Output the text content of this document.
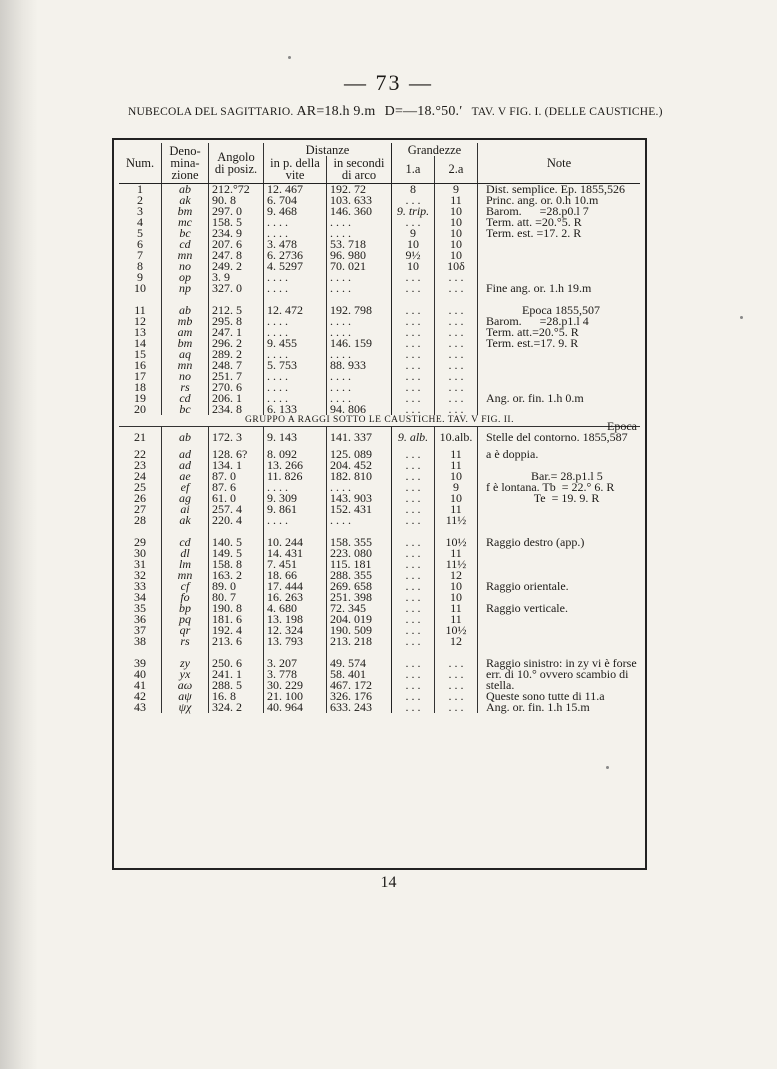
— 73 —
NUBECOLA DEL SAGITTARIO. AR=18.h 9.m D=—18.°50.′ TAV. V FIG. I. (DELLE CAUSTICHE.)
Num.	Deno-mina-zione	Angolo di posiz.	Distanze		Grandezze		Note
			in p. della vite	in secondi di arco	1.a	2.a	
1	ab	212.°72	12. 467	192. 72	8	9	Dist. semplice. Ep. 1855,526
2	ak	90. 8	6. 704	103. 633	. . .	11	Princ. ang. or. 0.h 10.m
3	bm	297. 0	9. 468	146. 360	9. trip.	10	Barom.      =28.p0.l 7
4	mc	158. 5	. . . .	. . . .	. . .	10	Term. att. =20.°5. R
5	bc	234. 9	. . . .	. . . .	9	10	Term. est. =17. 2. R
6	cd	207. 6	3. 478	53. 718	10	10	
7	mn	247. 8	6. 2736	96. 980	9½	10	
8	no	249. 2	4. 5297	70. 021	10	10δ	
9	op	3. 9	. . . .	. . . .	. . .	. . .	
10	np	327. 0	. . . .	. . . .	. . .	. . .	Fine ang. or. 1.h 19.m

11	ab	212. 5	12. 472	192. 798	. . .	. . .	Epoca 1855,507
12	mb	295. 8	. . . .	. . . .	. . .	. . .	Barom.      =28.p1.l 4
13	am	247. 1	. . . .	. . . .	. . .	. . .	Term. att.=20.°5. R
14	bm	296. 2	9. 455	146. 159	. . .	. . .	Term. est.=17. 9. R
15	aq	289. 2	. . . .	. . . .	. . .	. . .	
16	mn	248. 7	5. 753	88. 933	. . .	. . .	
17	no	251. 7	. . . .	. . . .	. . .	. . .	
18	rs	270. 6	. . . .	. . . .	. . .	. . .	
19	cd	206. 1	. . . .	. . . .	. . .	. . .	Ang. or. fin. 1.h 0.m
20	bc	234. 8	6. 133	94. 806	. . .	. . .	
GRUPPO A RAGGI SOTTO LE CAUSTICHE. TAV. V FIG. II.							
21	ab	172. 3	9. 143	141. 337	9. alb.	10.alb.	Epoca
Stelle del contorno. 1855,587
22	ad	128. 6?	8. 092	125. 089	. . .	11	a è doppia.
23	ad	134. 1	13. 266	204. 452	. . .	11	
24	ae	87. 0	11. 826	182. 810	. . .	10	Bar.= 28.p1.l 5
25	ef	87. 6	. . . .	. . . .	. . .	9	f è lontana. Tb  = 22.° 6. R
26	ag	61. 0	9. 309	143. 903	. . .	10	Te  = 19. 9. R
27	ai	257. 4	9. 861	152. 431	. . .	11	
28	ak	220. 4	. . . .	. . . .	. . .	11½	

29	cd	140. 5	10. 244	158. 355	. . .	10½	Raggio destro (app.)
30	dl	149. 5	14. 431	223. 080	. . .	11	
31	lm	158. 8	7. 451	115. 181	. . .	11½	
32	mn	163. 2	18. 66	288. 355	. . .	12	
33	cf	89. 0	17. 444	269. 658	. . .	10	Raggio orientale.
34	fo	80. 7	16. 263	251. 398	. . .	10	
35	bp	190. 8	4. 680	72. 345	. . .	11	Raggio verticale.
36	pq	181. 6	13. 198	204. 019	. . .	11	
37	qr	192. 4	12. 324	190. 509	. . .	10½	
38	rs	213. 6	13. 793	213. 218	. . .	12	

39	zy	250. 6	3. 207	49. 574	. . .	. . .	Raggio sinistro: in zy vi è forse
40	yx	241. 1	3. 778	58. 401	. . .	. . .	err. di 10.° ovvero scambio di
41	aω	288. 5	30. 229	467. 172	. . .	. . .	stella.
42	aψ	16. 8	21. 100	326. 176	. . .	. . .	Queste sono tutte di 11.a
43	ψχ	324. 2	40. 964	633. 243	. . .	. . .	Ang. or. fin. 1.h 15.m
14
